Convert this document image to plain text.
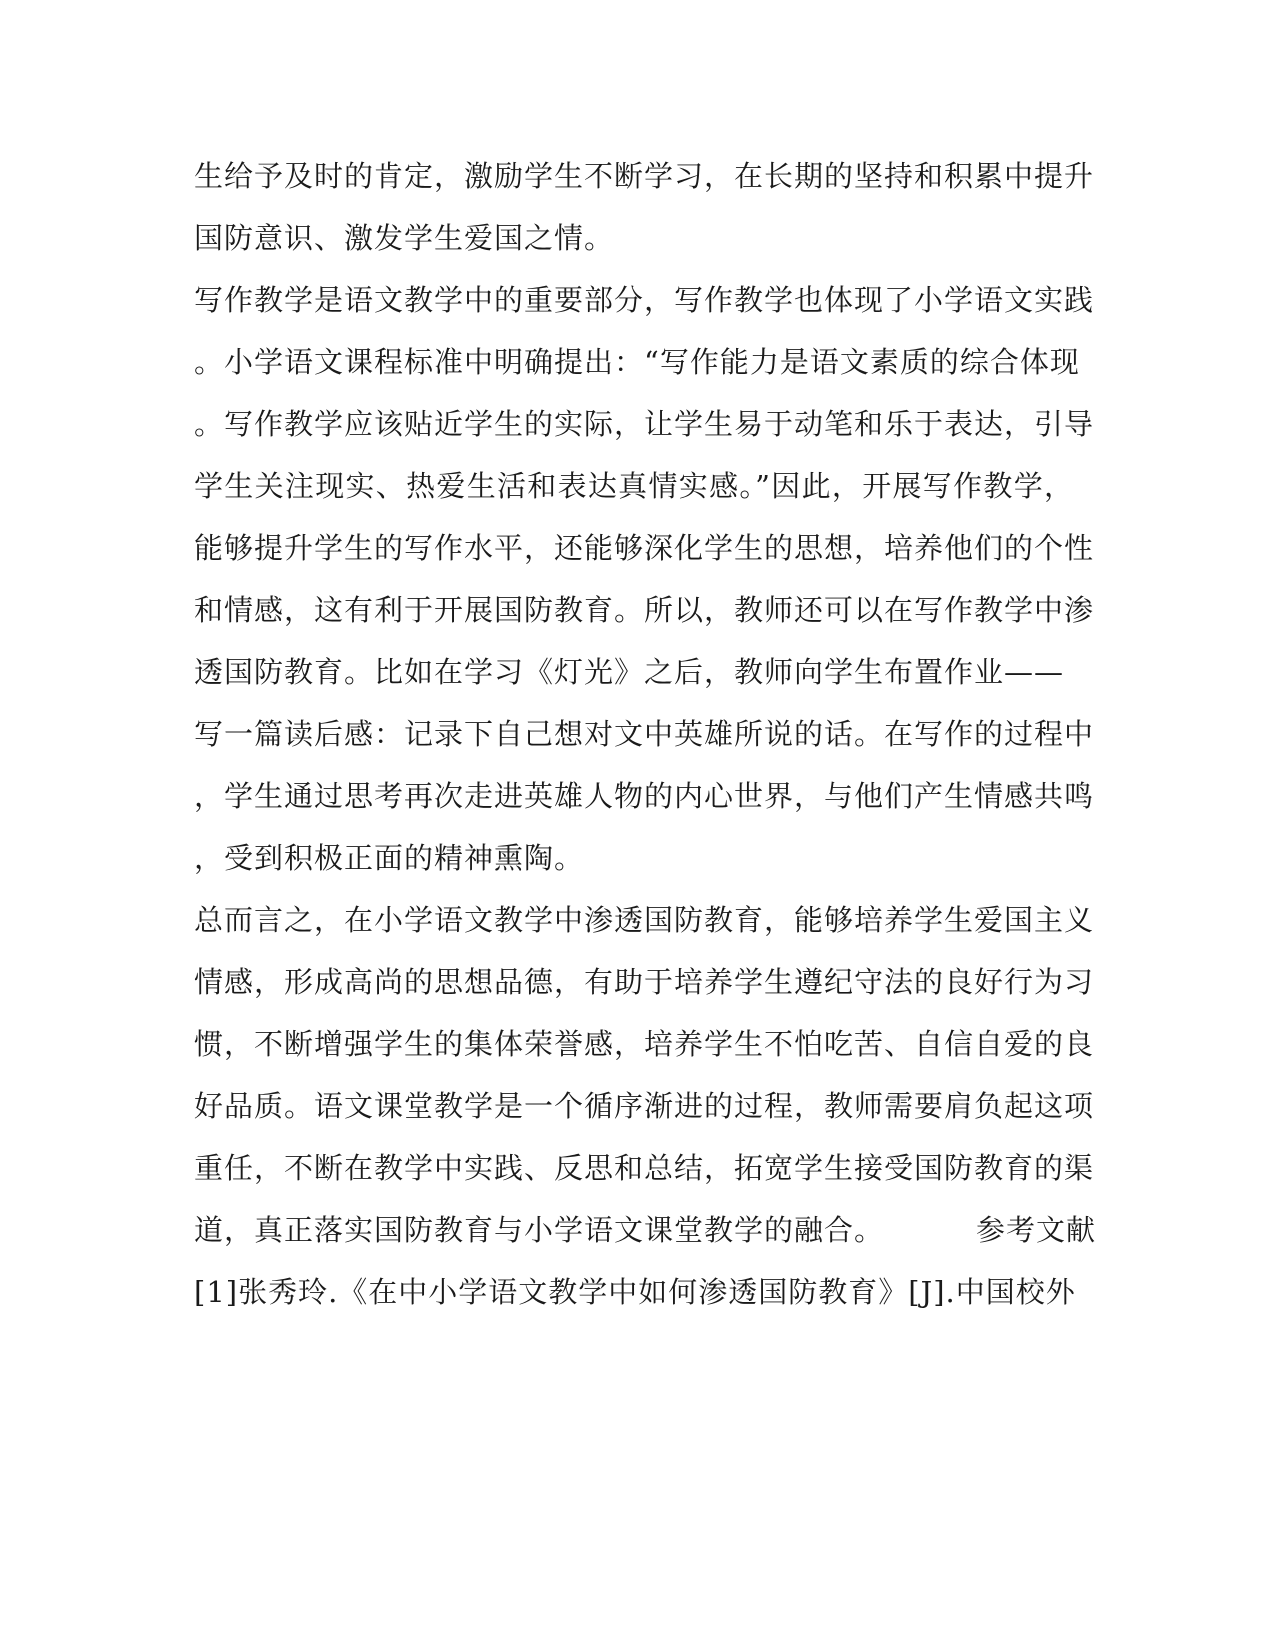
生给予及时的肯定，激励学生不断学习，在长期的坚持和积累中提升
国防意识、激发学生爱国之情。
写作教学是语文教学中的重要部分，写作教学也体现了小学语文实践
。小学语文课程标准中明确提出：“写作能力是语文素质的综合体现
。写作教学应该贴近学生的实际，让学生易于动笔和乐于表达，引导
学生关注现实、热爱生活和表达真情实感。”因此，开展写作教学，
能够提升学生的写作水平，还能够深化学生的思想，培养他们的个性
和情感，这有利于开展国防教育。所以，教师还可以在写作教学中渗
透国防教育。比如在学习《灯光》之后，教师向学生布置作业——
写一篇读后感：记录下自己想对文中英雄所说的话。在写作的过程中
，学生通过思考再次走进英雄人物的内心世界，与他们产生情感共鸣
，受到积极正面的精神熏陶。
总而言之，在小学语文教学中渗透国防教育，能够培养学生爱国主义
情感，形成高尚的思想品德，有助于培养学生遵纪守法的良好行为习
惯，不断增强学生的集体荣誉感，培养学生不怕吃苦、自信自爱的良
好品质。语文课堂教学是一个循序渐进的过程，教师需要肩负起这项
重任，不断在教学中实践、反思和总结，拓宽学生接受国防教育的渠
道，真正落实国防教育与小学语文课堂教学的融合。	参考文献
[1]张秀玲.《在中小学语文教学中如何渗透国防教育》[J].中国校外
